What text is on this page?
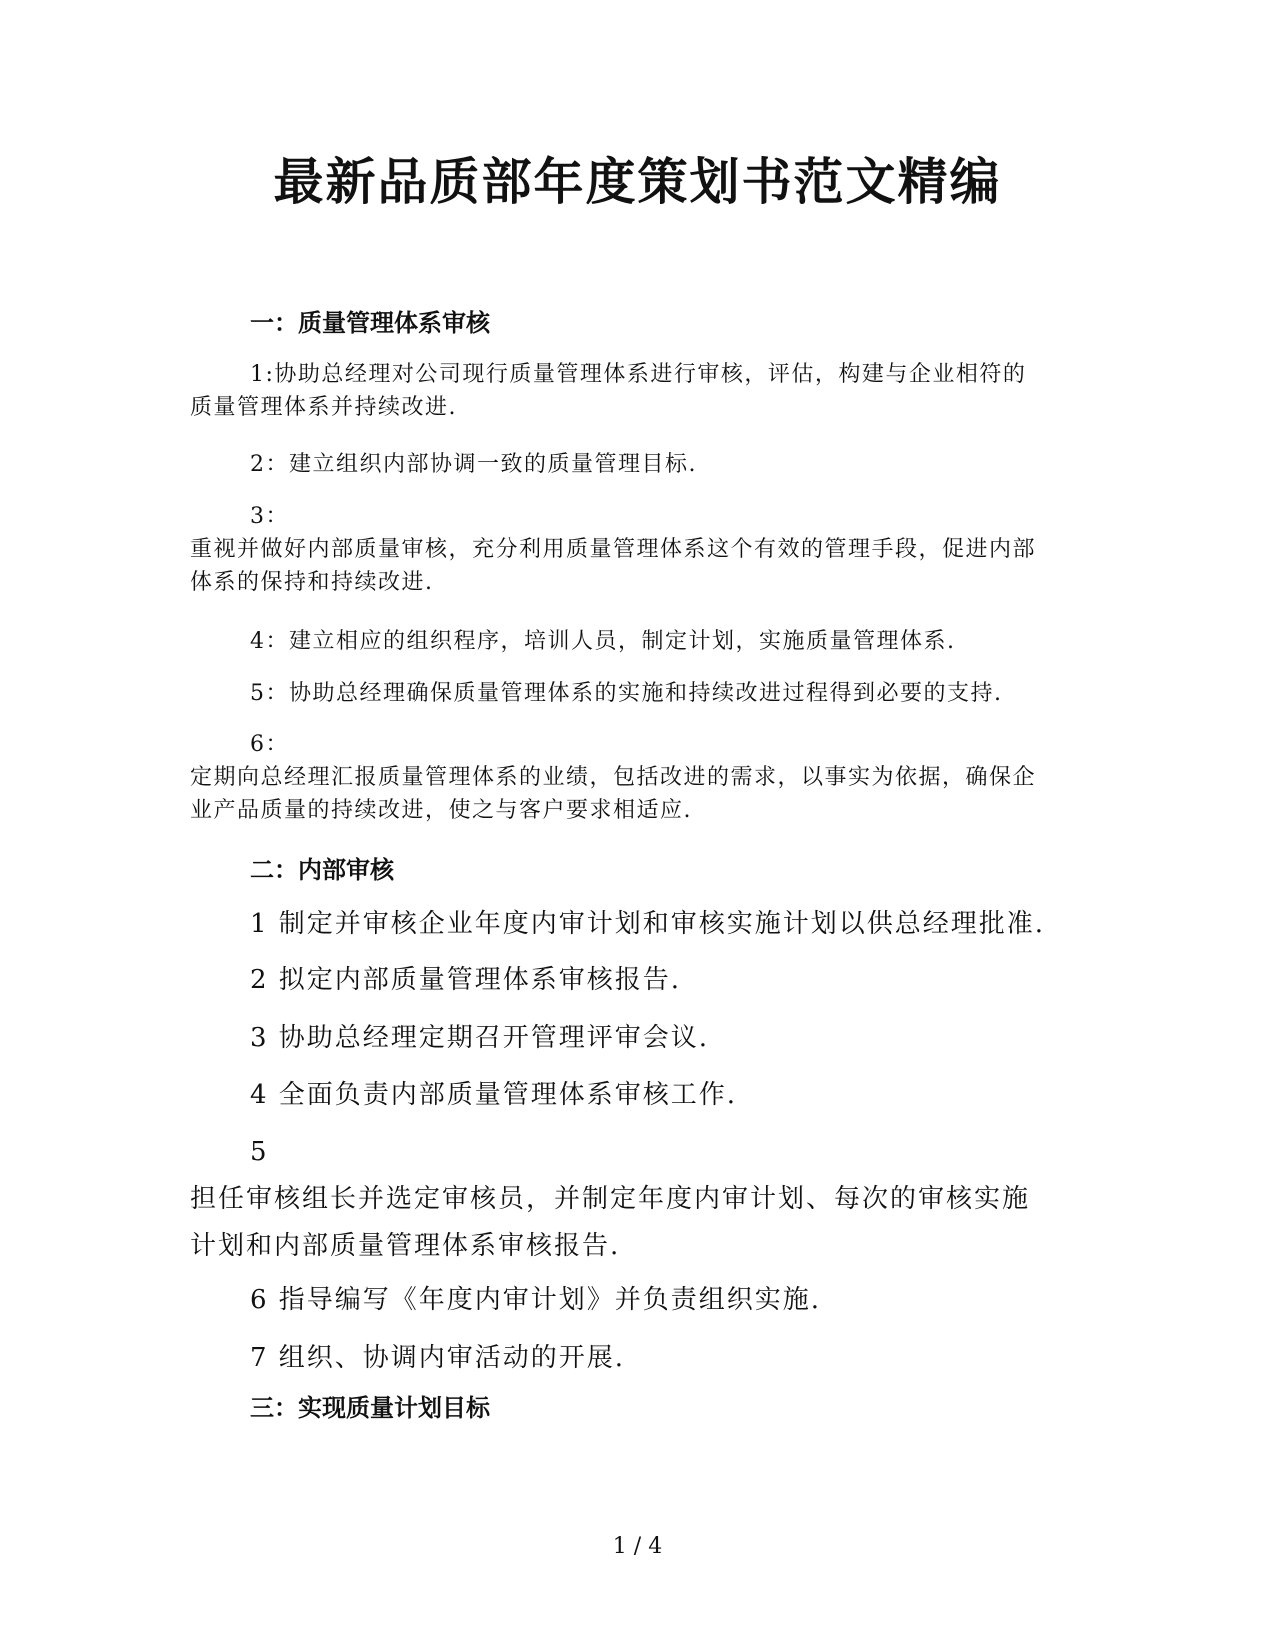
最新品质部年度策划书范文精编
一：质量管理体系审核
1:协助总经理对公司现行质量管理体系进行审核，评估，构建与企业相符的
质量管理体系并持续改进.
2：建立组织内部协调一致的质量管理目标.
3：
重视并做好内部质量审核，充分利用质量管理体系这个有效的管理手段，促进内部
体系的保持和持续改进.
4：建立相应的组织程序，培训人员，制定计划，实施质量管理体系.
5：协助总经理确保质量管理体系的实施和持续改进过程得到必要的支持.
6：
定期向总经理汇报质量管理体系的业绩，包括改进的需求，以事实为依据，确保企
业产品质量的持续改进，使之与客户要求相适应.
二：内部审核
1 制定并审核企业年度内审计划和审核实施计划以供总经理批准.
2 拟定内部质量管理体系审核报告.
3 协助总经理定期召开管理评审会议.
4 全面负责内部质量管理体系审核工作.
5
担任审核组长并选定审核员，并制定年度内审计划、每次的审核实施
计划和内部质量管理体系审核报告.
6 指导编写《年度内审计划》并负责组织实施.
7 组织、协调内审活动的开展.
三：实现质量计划目标
1 / 4
